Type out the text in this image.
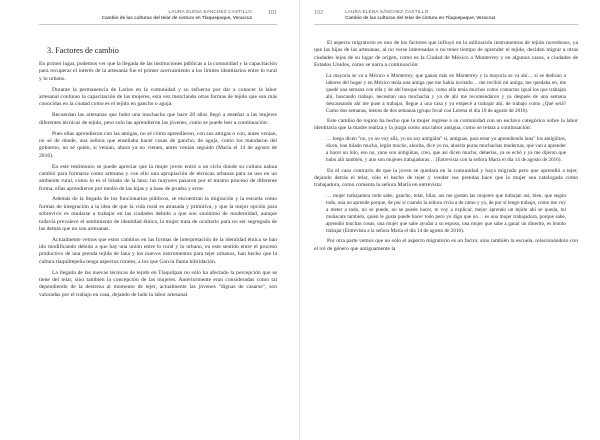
LAURA ELENA SÁNCHEZ CASTILLO
Cambio de las culturas del telar de cintura en Tlaquepaque, Veracruz
101
3. Factores de cambio

En primer lugar, podemos ver que la llegada de las instituciones públicas a la comunidad y la capacitación para recuperar el interés de la artesanía fue el primer acercamiento a los límites identitarios entre lo rural y lo urbano.

Durante la permanencia de Larios en la comunidad y su esfuerzo por dar a conocer la labor artesanal continuo la capacitación de las mujeres, esta vez mezclando otras formas de tejido que son más conocidas en la ciudad como es el tejido en gancho o aguja.

Recuerdan las artesanas que hubo una muchacha que hace 20 años llegó a enseñar a las mujeres diferentes técnicas de tejido, pero solo las aprendieron las jóvenes, como se puede leer a continuación:

Pues ellas aprendieron con las amigas, no sé cómo aprendieron, con sus amigas o con, antes venían, no sé de donde, una señora que enseñaba hacer cosas de gancho, de aguja, como los mandaron del gobierno, no sé quién, si venían, ahora ya no vienen, antes venían seguido (María el 14 de agosto de 2016).

En este testimonio se puede apreciar que la mujer joven entró a un ciclo donde su cultura nahua cambió para formarse como artesana y con ello una apropiación de técnicas urbanas para su uso en un ambiente rural, como lo es el hilado de la lana; las mayores pasaron por el mismo proceso de diferente forma, ellas aprendieron por medio de las hijas y a base de prueba y error.

Además de la llegada de los funcionarios públicos, se encuentran la migración y la escuela como formas de integración a la idea de que la vida rural es atrasada y primitiva, y que la mejor opción para sobrevivir es mudarse a trabajar en las ciudades debido a que son sinónimo de modernidad, aunque todavía prevalece el sentimiento de identidad étnica, la mujer trata de ocultarlo para no ser segregada de las demás que no son artesanas.

Actualmente vemos que estos cambios en las formas de interpretación de la identidad étnica se han ido modificando debido a que hay una unión entre lo rural y lo urbano, en este sentido entre el proceso productivo de una prenda tejida de lana y los nuevos instrumentos para tejer urbanos, han hecho que la cultura tlaquiltepeña tenga aspectos rurales, a los que García llama hibridación.

La llegada de las nuevas técnicas de tejido en Tlaquilpan no sólo ha afectado la percepción que se tiene del telar, sino también la concepción de las mujeres. Anteriormente eran consideradas como tal dependiendo de la destreza al momento de tejer, actualmente las jóvenes "dignas de casarse", son valoradas por el trabajo en casa, dejando de lado la labor artesanal.

102	LAURA ELENA SÁNCHEZ CASTILLO
Cambio de las culturas del telar de cintura en Tlaquepaque, Veracruz

El aspecto migratorio es uno de los factores que influyó en la utilización instrumentos de tejido novedosos, ya que las hijas de las artesanas, al no verse interesadas o no tener tiempo de aprender el tejido, deciden migrar a otras ciudades lejos de su lugar de origen, como es la Ciudad de México o Monterrey y en algunos casos, a ciudades de Estados Unidos, como se narra a continuación:

La mayoría se va a México o Monterrey, que ganan más en Monterrey y la mayoría se va ahí… si se dedican a labores del hogar y en México tenía una amiga que me había invitado… me recibió mi amiga, me quedaba en, me quedé una semana con ella y de ahí busqué trabajo, como ella tenía muchos como contactos igual los que trabajan ahí, buscando trabajo, necesitan una muchacha y ya de ahí me recomendaron y ya después de una semana descansando ahí me puse a trabajar, llegue a una casa y ya empecé a trabajar ahí, de trabajo como ¿Qué será? Como dos semanas, menos de dos semanas (grupo focal con Lorena el día 10 de agosto de 2016).

Este cambio de región ha hecho que la mujer regrese a su comunidad con un esclavo categórico sobre la labor identitaria que la madre realiza y la juzga como una labor antigua, como se relata a continuación:

… luego dicen "no, yo no voy allá, yo no soy antigüita" sí, antiguas, para estar yo aprendiendo lana" los antigüitos, dicen, han hilado mucho, legán mucho, ahorita, dice yo no, ahorita puras muchachas modernas, que van a aprender a hacer un hilo, eso no, yano son antigüitas, creo, que así dicen mucho, deberías, ya se echó y ya me dijeron que hubo allí también, y ano son mujeres trabajadoras… (Entrevista con la señora María el día 14 de agosto de 2016).

En el caso contrario de que la joven se quedara en la comunidad y haya migrado pero que aprendió a tejer, dejando detrás el telar, sólo el hecho de tejer y vender sus prendas hace que la mujer sea catalogada como trabajadora, como comenta la señora María en entrevista:

… mujer trabajadora todo sabe, gancho, telar, hilar, así me gustan las mujeres que trabajan así, bien, que según todo, una no aprende porque, de por sí cuando la señora vivía a de rumo y yo, de por sí tengo trabajo, como me voy a meter a todo, no se puede, no se puede hacer, te voy a explicar, mejor aprendo un tejido ahí se queda, mi muñacate también, quien le gusta puede hacer todo pero yo digo que no… es una mujer trabajadora, porque sabe, aprendió muchas cosas, una mujer que sabe ayudar a su esposo, una mujer que sabe a ganar un dinerito, es bonito trabajar (Entrevista a la señora María el día 14 de agosto de 2016).

Por otra parte vemos que no sólo el aspecto migratorio es un factor, sino también la escuela, relacionándolo con el rol de género que antiguamente la
